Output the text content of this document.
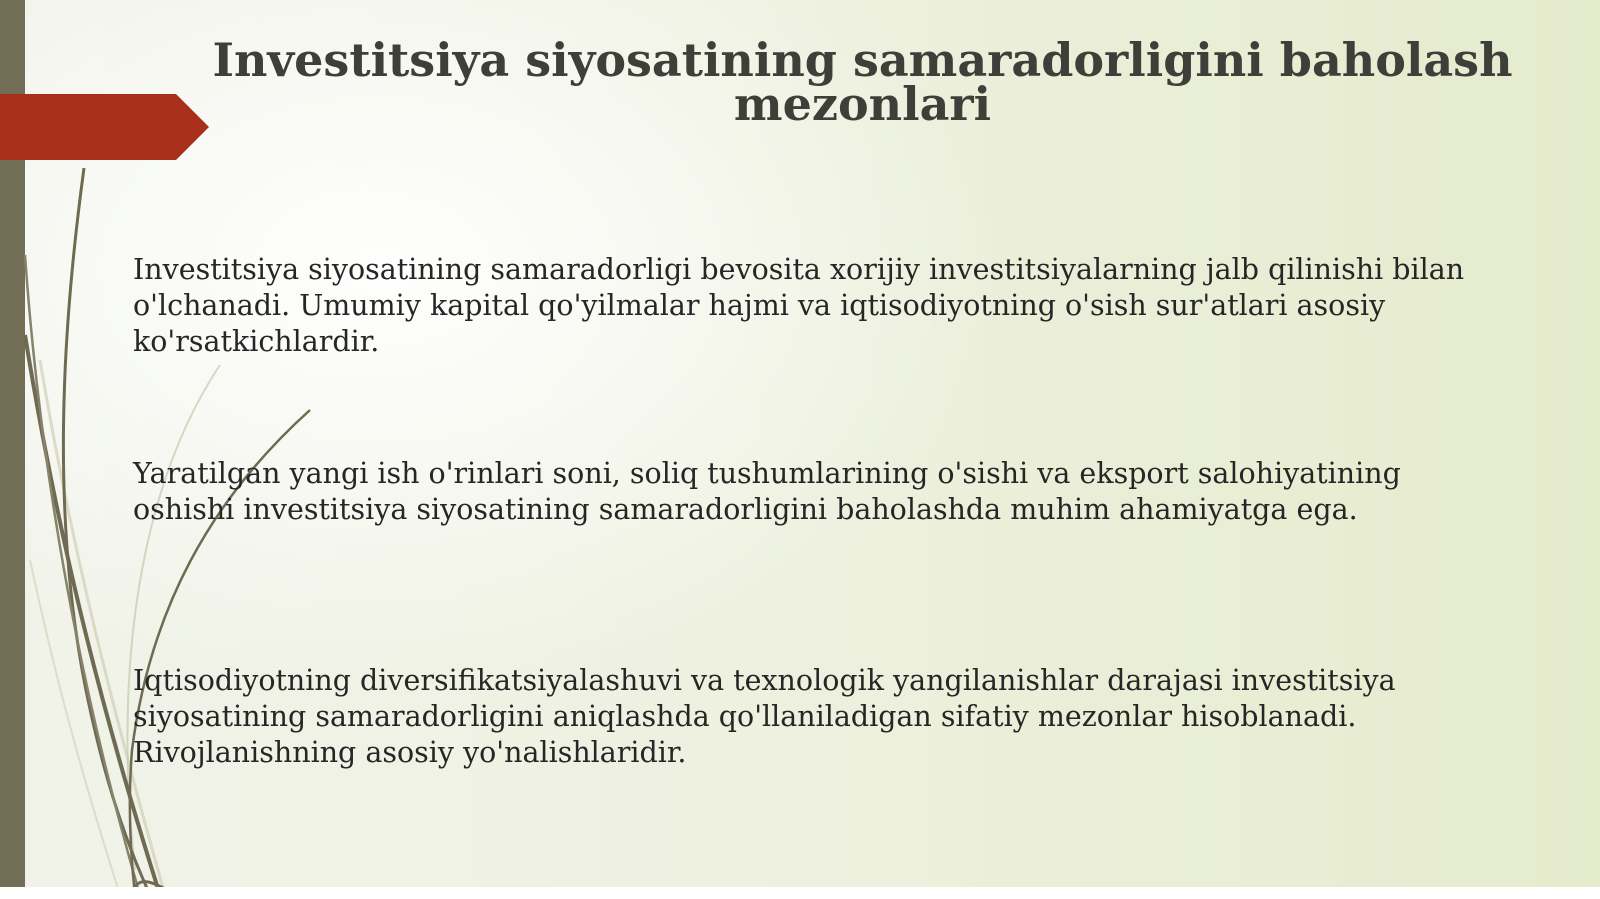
Investitsiya siyosatining samaradorligini baholash mezonlari

Investitsiya siyosatining samaradorligi bevosita xorijiy investitsiyalarning jalb qilinishi bilan o'lchanadi. Umumiy kapital qo'yilmalar hajmi va iqtisodiyotning o'sish sur'atlari asosiy ko'rsatkichlardir.

Yaratilgan yangi ish o'rinlari soni, soliq tushumlarining o'sishi va eksport salohiyatining oshishi investitsiya siyosatining samaradorligini baholashda muhim ahamiyatga ega.

Iqtisodiyotning diversifikatsiyalashuvi va texnologik yangilanishlar darajasi investitsiya siyosatining samaradorligini aniqlashda qo'llaniladigan sifatiy mezonlar hisoblanadi. Rivojlanishning asosiy yo'nalishlaridir.
